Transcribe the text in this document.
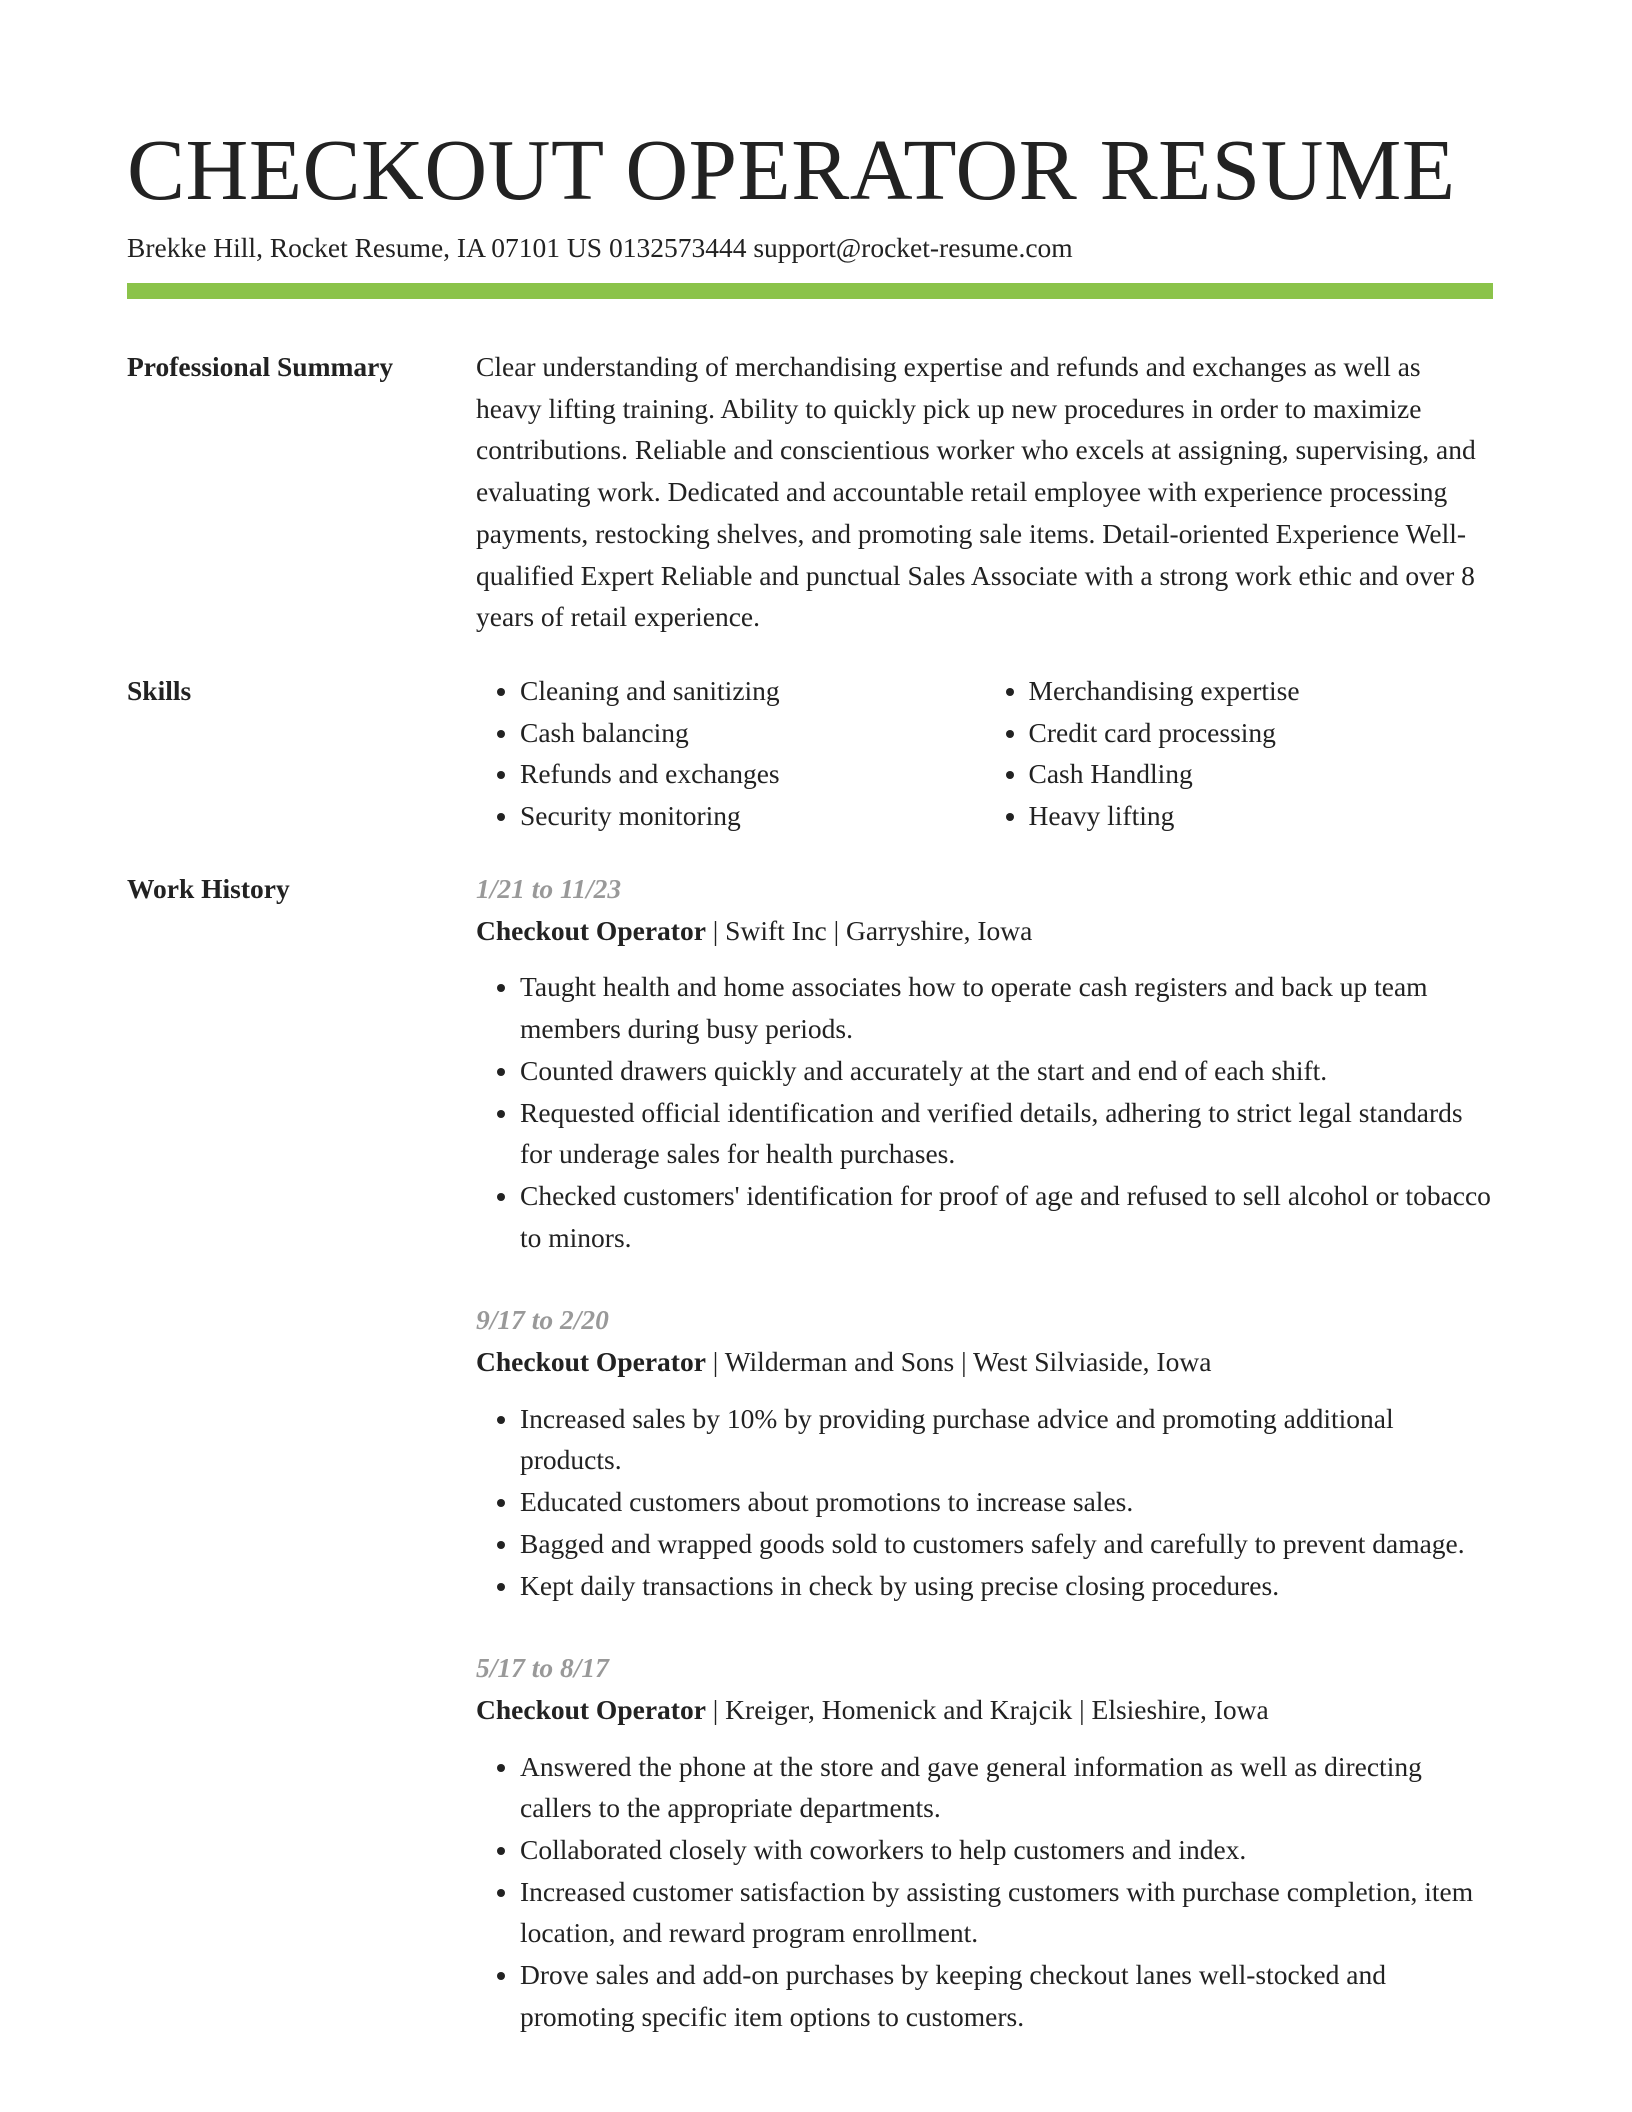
CHECKOUT OPERATOR RESUME
Brekke Hill, Rocket Resume, IA 07101 US 0132573444 support@rocket-resume.com
Professional Summary	Clear understanding of merchandising expertise and refunds and exchanges as well as heavy lifting training. Ability to quickly pick up new procedures in order to maximize contributions. Reliable and conscientious worker who excels at assigning, supervising, and evaluating work. Dedicated and accountable retail employee with experience processing payments, restocking shelves, and promoting sale items. Detail-oriented Experience Well-qualified Expert Reliable and punctual Sales Associate with a strong work ethic and over 8 years of retail experience.

Skills
•	Cleaning and sanitizing
• Cash balancing
• Refunds and exchanges
• Security monitoring
• Merchandising expertise
• Credit card processing
• Cash Handling
• Heavy lifting
Work History	1/21 to 11/23

Checkout Operator | Swift Inc | Garryshire, Iowa

• Taught health and home associates how to operate cash registers and back up team members during busy periods.
• Counted drawers quickly and accurately at the start and end of each shift.
• Requested official identification and verified details, adhering to strict legal standards for underage sales for health purchases.
• Checked customers' identification for proof of age and refused to sell alcohol or tobacco to minors.

9/17 to 2/20

Checkout Operator | Wilderman and Sons | West Silviaside, Iowa

• Increased sales by 10% by providing purchase advice and promoting additional products.
• Educated customers about promotions to increase sales.
• Bagged and wrapped goods sold to customers safely and carefully to prevent damage.
• Kept daily transactions in check by using precise closing procedures.

5/17 to 8/17

Checkout Operator | Kreiger, Homenick and Krajcik | Elsieshire, Iowa

• Answered the phone at the store and gave general information as well as directing callers to the appropriate departments.
• Collaborated closely with coworkers to help customers and index.
• Increased customer satisfaction by assisting customers with purchase completion, item location, and reward program enrollment.
• Drove sales and add-on purchases by keeping checkout lanes well-stocked and promoting specific item options to customers.
